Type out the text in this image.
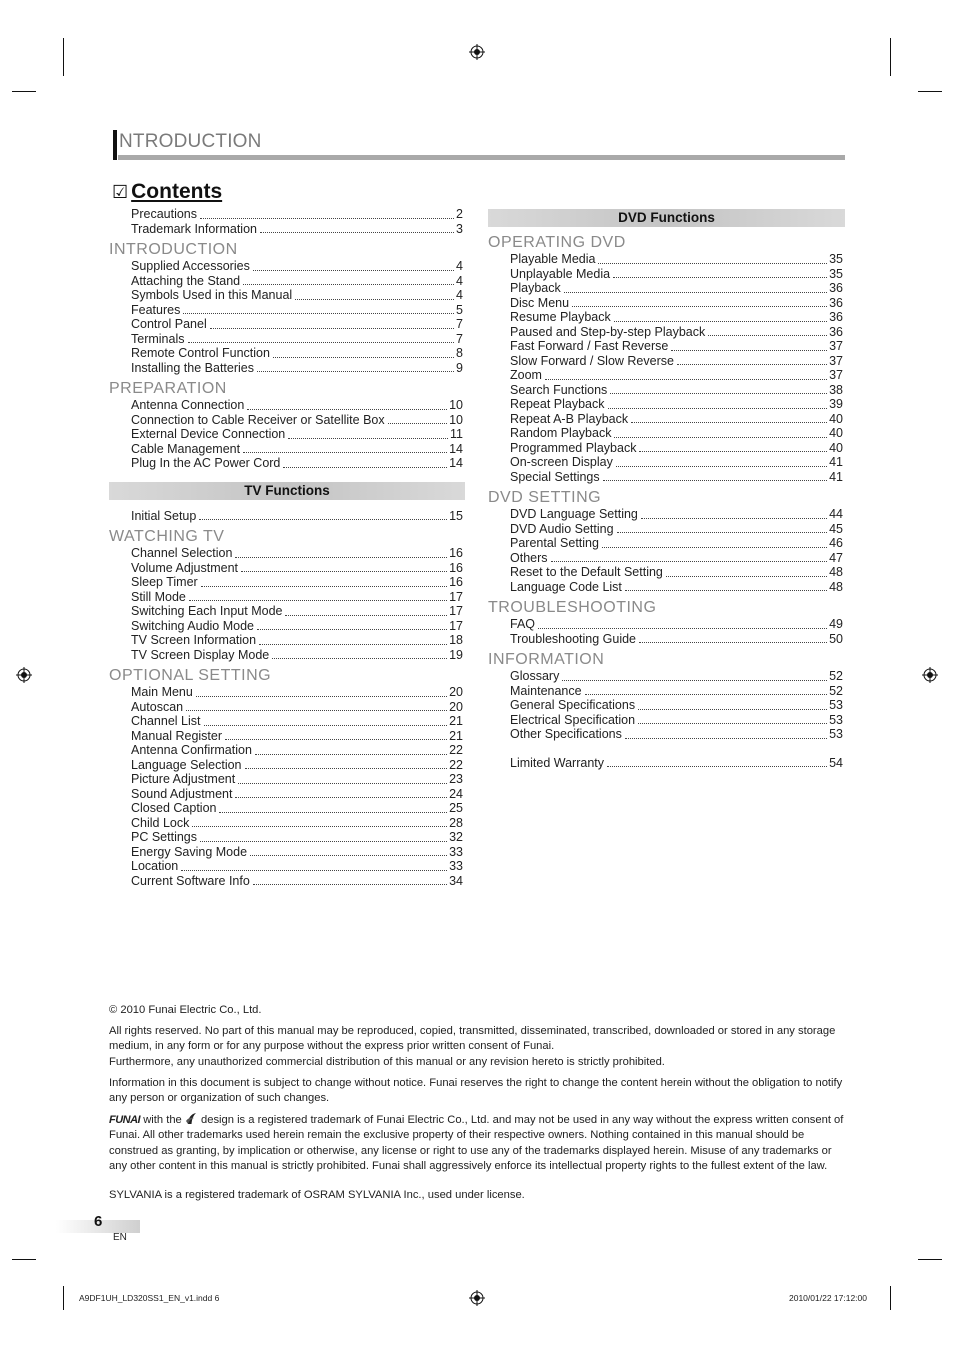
NTRODUCTION
☑ Contents
Precautions	2
Trademark Information	3
INTRODUCTION
Supplied Accessories	4
Attaching the Stand	4
Symbols Used in this Manual	4
Features	5
Control Panel	7
Terminals	7
Remote Control Function	8
Installing the Batteries	9
PREPARATION
Antenna Connection	10
Connection to Cable Receiver or Satellite Box	10
External Device Connection	11
Cable Management	14
Plug In the AC Power Cord	14
TV Functions
Initial Setup	15
WATCHING TV
Channel Selection	16
Volume Adjustment	16
Sleep Timer	16
Still Mode	17
Switching Each Input Mode	17
Switching Audio Mode	17
TV Screen Information	18
TV Screen Display Mode	19
OPTIONAL SETTING
Main Menu	20
Autoscan	20
Channel List	21
Manual Register	21
Antenna Confirmation	22
Language Selection	22
Picture Adjustment	23
Sound Adjustment	24
Closed Caption	25
Child Lock	28
PC Settings	32
Energy Saving Mode	33
Location	33
Current Software Info	34
DVD Functions
OPERATING DVD
Playable Media	35
Unplayable Media	35
Playback	36
Disc Menu	36
Resume Playback	36
Paused and Step-by-step Playback	36
Fast Forward / Fast Reverse	37
Slow Forward / Slow Reverse	37
Zoom	37
Search Functions	38
Repeat Playback	39
Repeat A-B Playback	40
Random Playback	40
Programmed Playback	40
On-screen Display	41
Special Settings	41
DVD SETTING
DVD Language Setting	44
DVD Audio Setting	45
Parental Setting	46
Others	47
Reset to the Default Setting	48
Language Code List	48
TROUBLESHOOTING
FAQ	49
Troubleshooting Guide	50
INFORMATION
Glossary	52
Maintenance	52
General Specifications	53
Electrical Specification	53
Other Specifications	53
Limited Warranty	54

© 2010 Funai Electric Co., Ltd.

All rights reserved. No part of this manual may be reproduced, copied, transmitted, disseminated, transcribed, downloaded or stored in any storage medium, in any form or for any purpose without the express prior written consent of Funai.

Furthermore, any unauthorized commercial distribution of this manual or any revision hereto is strictly prohibited.

Information in this document is subject to change without notice. Funai reserves the right to change the content herein without the obligation to notify any person or organization of such changes.

FUNAI with the design is a registered trademark of Funai Electric Co., Ltd. and may not be used in any way without the express written consent of Funai. All other trademarks used herein remain the exclusive property of their respective owners. Nothing contained in this manual should be construed as granting, by implication or otherwise, any license or right to use any of the trademarks displayed herein. Misuse of any trademarks or any other content in this manual is strictly prohibited. Funai shall aggressively enforce its intellectual property rights to the fullest extent of the law.

SYLVANIA is a registered trademark of OSRAM SYLVANIA Inc., used under license.

6
EN
A9DF1UH_LD320SS1_EN_v1.indd 6	2010/01/22 17:12:00
